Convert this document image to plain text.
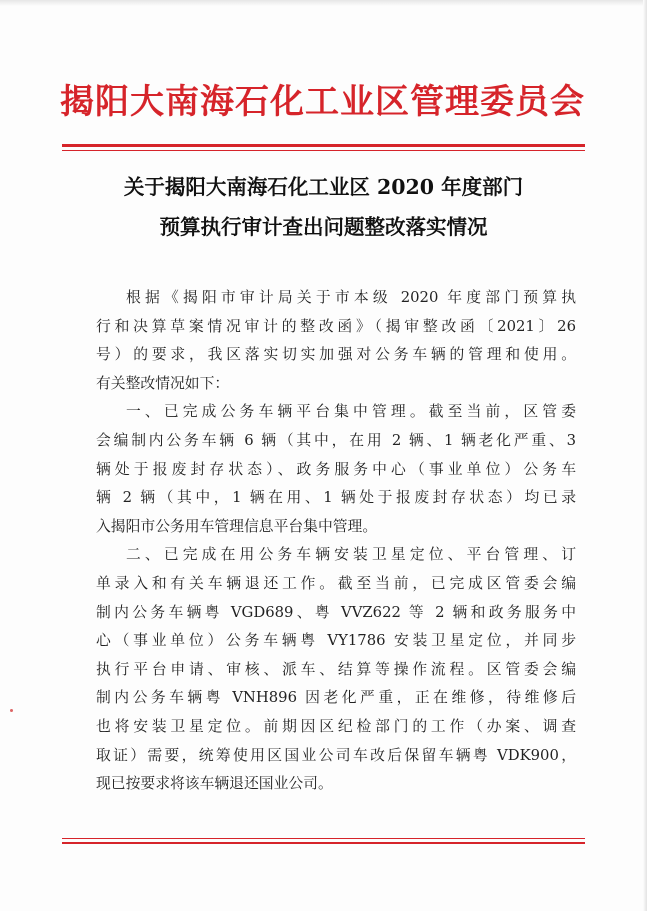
揭阳大南海石化工业区管理委员会
关于揭阳大南海石化工业区 2020 年度部门
预算执行审计查出问题整改落实情况
根据《揭阳市审计局关于市本级 2020 年度部门预算执
行和决算草案情况审计的整改函》（揭审整改函〔2021〕26
号）的要求，我区落实切实加强对公务车辆的管理和使用。
有关整改情况如下：
一、已完成公务车辆平台集中管理。截至当前，区管委
会编制内公务车辆 6 辆（其中，在用 2 辆、1 辆老化严重、3
辆处于报废封存状态）、政务服务中心（事业单位）公务车
辆 2 辆（其中，1 辆在用、1 辆处于报废封存状态）均已录
入揭阳市公务用车管理信息平台集中管理。
二、已完成在用公务车辆安装卫星定位、平台管理、订
单录入和有关车辆退还工作。截至当前，已完成区管委会编
制内公务车辆粤 VGD689、粤 VVZ622 等 2 辆和政务服务中
心（事业单位）公务车辆粤 VY1786 安装卫星定位，并同步
执行平台申请、审核、派车、结算等操作流程。区管委会编
制内公务车辆粤 VNH896 因老化严重，正在维修，待维修后
也将安装卫星定位。前期因区纪检部门的工作（办案、调查
取证）需要，统筹使用区国业公司车改后保留车辆粤 VDK900，
现已按要求将该车辆退还国业公司。
